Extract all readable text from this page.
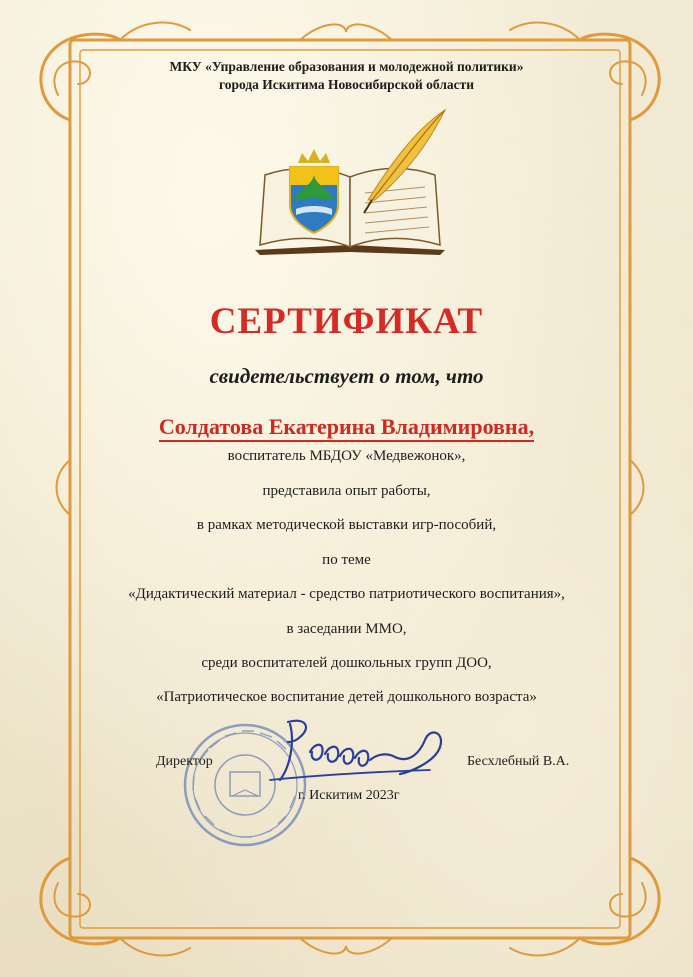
МКУ «Управление образования и молодежной политики»
города Искитима Новосибирской области
СЕРТИФИКАТ
свидетельствует о том, что
Солдатова Екатерина Владимировна,
воспитатель МБДОУ «Медвежонок»,
представила опыт работы,
в рамках методической выставки игр-пособий,
по теме
«Дидактический материал - средство патриотического воспитания»,
в заседании ММО,
среди воспитателей дошкольных групп ДОО,
«Патриотическое воспитание детей дошкольного возраста»
Директор	Бесхлебный В.А.
г. Искитим 2023г
